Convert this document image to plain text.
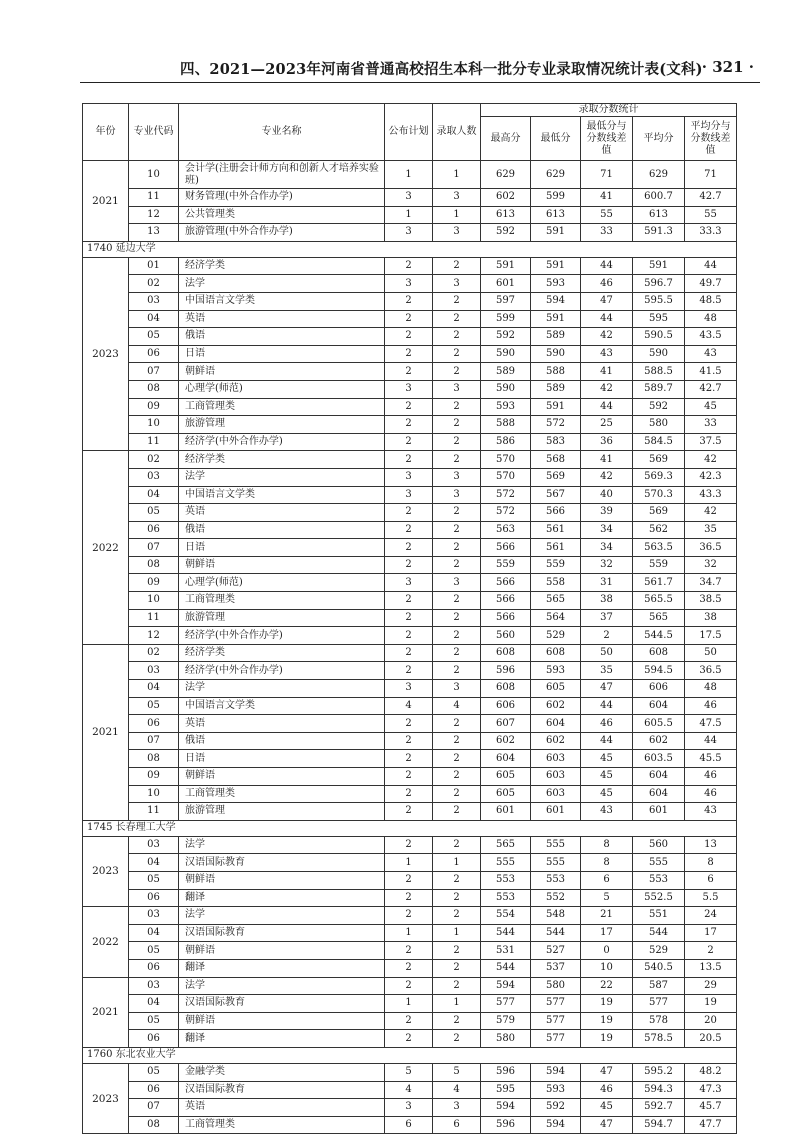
四、2021—2023年河南省普通高校招生本科一批分专业录取情况统计表(文科) · 321 ·
年份	专业代码	专业名称	公布计划	录取人数	录取分数统计				
					最高分	最低分	最低分与分数线差值	平均分	平均分与分数线差值
2021	10	会计学(注册会计师方向和创新人才培养实验班)	1	1	629	629	71	629	71
	11	财务管理(中外合作办学)	3	3	602	599	41	600.7	42.7
	12	公共管理类	1	1	613	613	55	613	55
	13	旅游管理(中外合作办学)	3	3	592	591	33	591.3	33.3
1740 延边大学									
2023	01	经济学类	2	2	591	591	44	591	44
	02	法学	3	3	601	593	46	596.7	49.7
	03	中国语言文学类	2	2	597	594	47	595.5	48.5
	04	英语	2	2	599	591	44	595	48
	05	俄语	2	2	592	589	42	590.5	43.5
	06	日语	2	2	590	590	43	590	43
	07	朝鲜语	2	2	589	588	41	588.5	41.5
	08	心理学(师范)	3	3	590	589	42	589.7	42.7
	09	工商管理类	2	2	593	591	44	592	45
	10	旅游管理	2	2	588	572	25	580	33
	11	经济学(中外合作办学)	2	2	586	583	36	584.5	37.5
2022	02	经济学类	2	2	570	568	41	569	42
	03	法学	3	3	570	569	42	569.3	42.3
	04	中国语言文学类	3	3	572	567	40	570.3	43.3
	05	英语	2	2	572	566	39	569	42
	06	俄语	2	2	563	561	34	562	35
	07	日语	2	2	566	561	34	563.5	36.5
	08	朝鲜语	2	2	559	559	32	559	32
	09	心理学(师范)	3	3	566	558	31	561.7	34.7
	10	工商管理类	2	2	566	565	38	565.5	38.5
	11	旅游管理	2	2	566	564	37	565	38
	12	经济学(中外合作办学)	2	2	560	529	2	544.5	17.5
2021	02	经济学类	2	2	608	608	50	608	50
	03	经济学(中外合作办学)	2	2	596	593	35	594.5	36.5
	04	法学	3	3	608	605	47	606	48
	05	中国语言文学类	4	4	606	602	44	604	46
	06	英语	2	2	607	604	46	605.5	47.5
	07	俄语	2	2	602	602	44	602	44
	08	日语	2	2	604	603	45	603.5	45.5
	09	朝鲜语	2	2	605	603	45	604	46
	10	工商管理类	2	2	605	603	45	604	46
	11	旅游管理	2	2	601	601	43	601	43
1745 长春理工大学									
2023	03	法学	2	2	565	555	8	560	13
	04	汉语国际教育	1	1	555	555	8	555	8
	05	朝鲜语	2	2	553	553	6	553	6
	06	翻译	2	2	553	552	5	552.5	5.5
2022	03	法学	2	2	554	548	21	551	24
	04	汉语国际教育	1	1	544	544	17	544	17
	05	朝鲜语	2	2	531	527	0	529	2
	06	翻译	2	2	544	537	10	540.5	13.5
2021	03	法学	2	2	594	580	22	587	29
	04	汉语国际教育	1	1	577	577	19	577	19
	05	朝鲜语	2	2	579	577	19	578	20
	06	翻译	2	2	580	577	19	578.5	20.5
1760 东北农业大学									
2023	05	金融学类	5	5	596	594	47	595.2	48.2
	06	汉语国际教育	4	4	595	593	46	594.3	47.3
	07	英语	3	3	594	592	45	592.7	45.7
	08	工商管理类	6	6	596	594	47	594.7	47.7
